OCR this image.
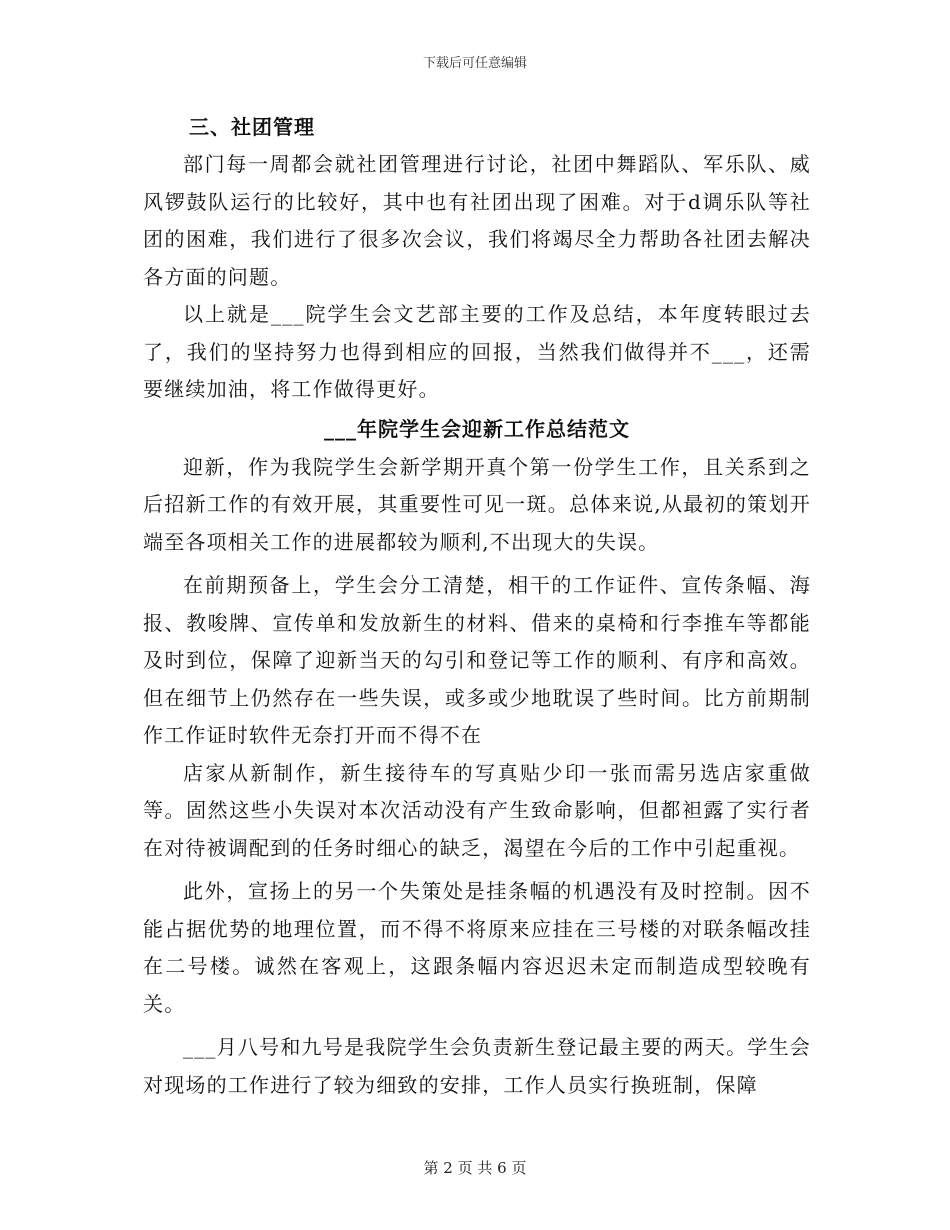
下载后可任意编辑
三、社团管理

部门每一周都会就社团管理进行讨论，社团中舞蹈队、军乐队、威风锣鼓队运行的比较好，其中也有社团出现了困难。对于d调乐队等社团的困难，我们进行了很多次会议，我们将竭尽全力帮助各社团去解决各方面的问题。

以上就是___院学生会文艺部主要的工作及总结，本年度转眼过去了，我们的坚持努力也得到相应的回报，当然我们做得并不___，还需要继续加油，将工作做得更好。

___年院学生会迎新工作总结范文

迎新，作为我院学生会新学期开真个第一份学生工作，且关系到之后招新工作的有效开展，其重要性可见一斑。总体来说,从最初的策划开端至各项相关工作的进展都较为顺利,不出现大的失误。

在前期预备上，学生会分工清楚，相干的工作证件、宣传条幅、海报、教唆牌、宣传单和发放新生的材料、借来的桌椅和行李推车等都能及时到位，保障了迎新当天的勾引和登记等工作的顺利、有序和高效。但在细节上仍然存在一些失误，或多或少地耽误了些时间。比方前期制作工作证时软件无奈打开而不得不在

店家从新制作，新生接待车的写真贴少印一张而需另选店家重做等。固然这些小失误对本次活动没有产生致命影响，但都袒露了实行者在对待被调配到的任务时细心的缺乏，渴望在今后的工作中引起重视。

此外，宣扬上的另一个失策处是挂条幅的机遇没有及时控制。因不能占据优势的地理位置，而不得不将原来应挂在三号楼的对联条幅改挂在二号楼。诚然在客观上，这跟条幅内容迟迟未定而制造成型较晚有关。

___月八号和九号是我院学生会负责新生登记最主要的两天。学生会对现场的工作进行了较为细致的安排，工作人员实行换班制，保障

第 2 页 共 6 页
